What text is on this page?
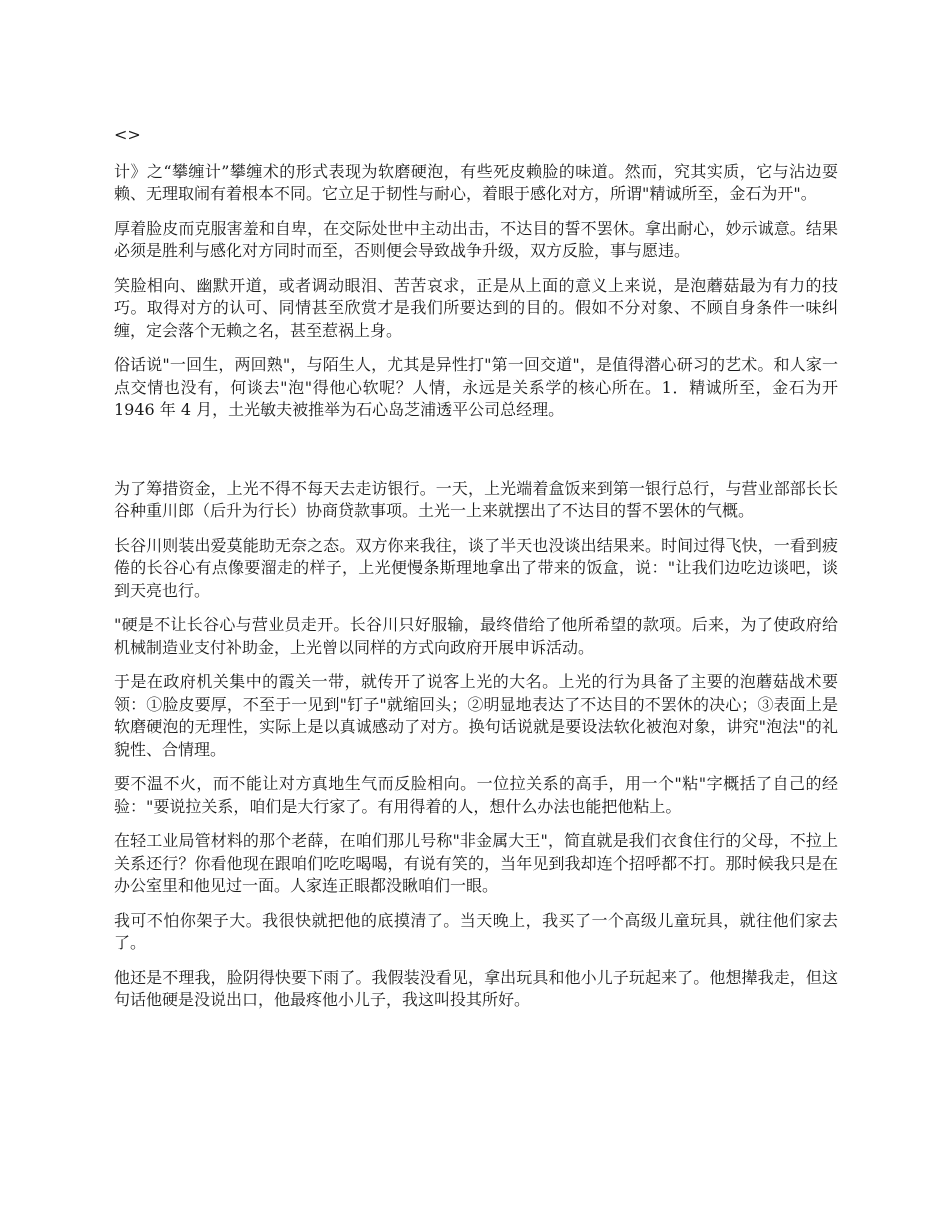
<>

计》之“攀缠计”攀缠术的形式表现为软磨硬泡，有些死皮赖脸的味道。然而，究其实质，它与沾边耍赖、无理取闹有着根本不同。它立足于韧性与耐心，着眼于感化对方，所谓"精诚所至，金石为开"。

厚着脸皮而克服害羞和自卑，在交际处世中主动出击，不达目的誓不罢休。拿出耐心，妙示诚意。结果必须是胜利与感化对方同时而至，否则便会导致战争升级，双方反脸，事与愿违。

笑脸相向、幽默开道，或者调动眼泪、苦苦哀求，正是从上面的意义上来说，是泡蘑菇最为有力的技巧。取得对方的认可、同情甚至欣赏才是我们所要达到的目的。假如不分对象、不顾自身条件一味纠缠，定会落个无赖之名，甚至惹祸上身。

俗话说"一回生，两回熟"，与陌生人，尤其是异性打"第一回交道"，是值得潜心研习的艺术。和人家一点交情也没有，何谈去"泡"得他心软呢？人情，永远是关系学的核心所在。1．精诚所至，金石为开 1946 年 4 月，土光敏夫被推举为石心岛芝浦透平公司总经理。

为了筹措资金，上光不得不每天去走访银行。一天，上光端着盒饭来到第一银行总行，与营业部部长长谷种重川郎（后升为行长）协商贷款事项。土光一上来就摆出了不达目的誓不罢休的气概。

长谷川则装出爱莫能助无奈之态。双方你来我往，谈了半天也没谈出结果来。时间过得飞快，一看到疲倦的长谷心有点像要溜走的样子，上光便慢条斯理地拿出了带来的饭盒，说："让我们边吃边谈吧，谈到天亮也行。

"硬是不让长谷心与营业员走开。长谷川只好服输，最终借给了他所希望的款项。后来，为了使政府给机械制造业支付补助金，上光曾以同样的方式向政府开展申诉活动。

于是在政府机关集中的霞关一带，就传开了说客上光的大名。上光的行为具备了主要的泡蘑菇战术要领：①脸皮要厚，不至于一见到"钉子"就缩回头；②明显地表达了不达目的不罢休的决心；③表面上是软磨硬泡的无理性，实际上是以真诚感动了对方。换句话说就是要设法软化被泡对象，讲究"泡法"的礼貌性、合情理。

要不温不火，而不能让对方真地生气而反脸相向。一位拉关系的高手，用一个"粘"字概括了自己的经验："要说拉关系，咱们是大行家了。有用得着的人，想什么办法也能把他粘上。

在轻工业局管材料的那个老薛，在咱们那儿号称"非金属大王"，简直就是我们衣食住行的父母，不拉上关系还行？你看他现在跟咱们吃吃喝喝，有说有笑的，当年见到我却连个招呼都不打。那时候我只是在办公室里和他见过一面。人家连正眼都没瞅咱们一眼。

我可不怕你架子大。我很快就把他的底摸清了。当天晚上，我买了一个高级儿童玩具，就往他们家去了。

他还是不理我，脸阴得快要下雨了。我假装没看见，拿出玩具和他小儿子玩起来了。他想撵我走，但这句话他硬是没说出口，他最疼他小儿子，我这叫投其所好。
